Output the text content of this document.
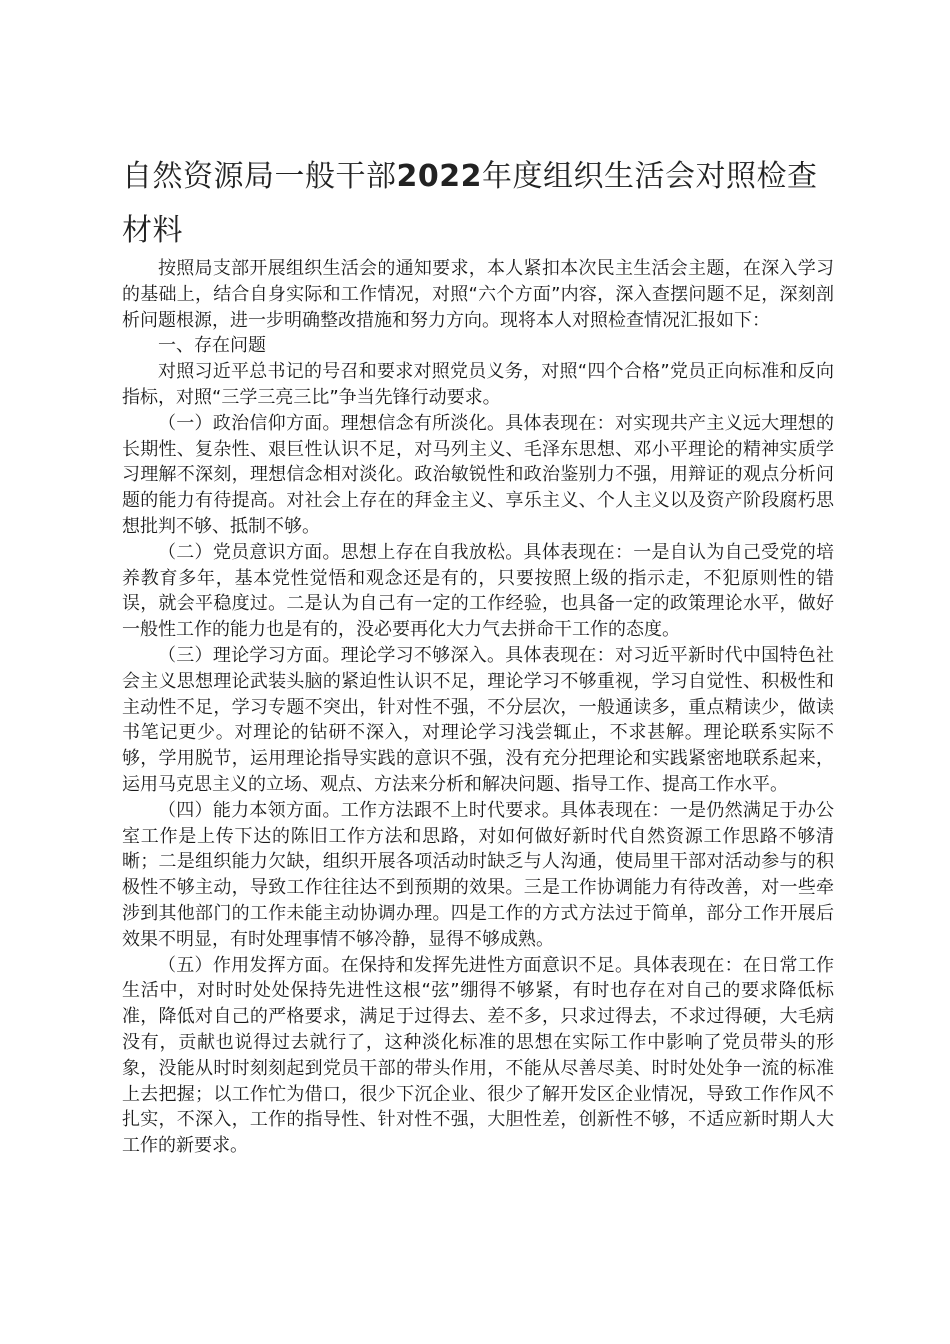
自然资源局一般干部2022年度组织生活会对照检查材料

按照局支部开展组织生活会的通知要求，本人紧扣本次民主生活会主题，在深入学习的基础上，结合自身实际和工作情况，对照“六个方面”内容，深入查摆问题不足，深刻剖析问题根源，进一步明确整改措施和努力方向。现将本人对照检查情况汇报如下：

一、存在问题

对照习近平总书记的号召和要求对照党员义务，对照“四个合格”党员正向标准和反向指标，对照“三学三亮三比”争当先锋行动要求。

（一）政治信仰方面。理想信念有所淡化。具体表现在：对实现共产主义远大理想的长期性、复杂性、艰巨性认识不足，对马列主义、毛泽东思想、邓小平理论的精神实质学习理解不深刻，理想信念相对淡化。政治敏锐性和政治鉴别力不强，用辩证的观点分析问题的能力有待提高。对社会上存在的拜金主义、享乐主义、个人主义以及资产阶段腐朽思想批判不够、抵制不够。

（二）党员意识方面。思想上存在自我放松。具体表现在：一是自认为自己受党的培养教育多年，基本党性觉悟和观念还是有的，只要按照上级的指示走，不犯原则性的错误，就会平稳度过。二是认为自己有一定的工作经验，也具备一定的政策理论水平，做好一般性工作的能力也是有的，没必要再化大力气去拼命干工作的态度。

（三）理论学习方面。理论学习不够深入。具体表现在：对习近平新时代中国特色社会主义思想理论武装头脑的紧迫性认识不足，理论学习不够重视，学习自觉性、积极性和主动性不足，学习专题不突出，针对性不强，不分层次，一般通读多，重点精读少，做读书笔记更少。对理论的钻研不深入，对理论学习浅尝辄止，不求甚解。理论联系实际不够，学用脱节，运用理论指导实践的意识不强，没有充分把理论和实践紧密地联系起来，运用马克思主义的立场、观点、方法来分析和解决问题、指导工作、提高工作水平。

（四）能力本领方面。工作方法跟不上时代要求。具体表现在：一是仍然满足于办公室工作是上传下达的陈旧工作方法和思路，对如何做好新时代自然资源工作思路不够清晰；二是组织能力欠缺，组织开展各项活动时缺乏与人沟通，使局里干部对活动参与的积极性不够主动，导致工作往往达不到预期的效果。三是工作协调能力有待改善，对一些牵涉到其他部门的工作未能主动协调办理。四是工作的方式方法过于简单，部分工作开展后效果不明显，有时处理事情不够冷静，显得不够成熟。

（五）作用发挥方面。在保持和发挥先进性方面意识不足。具体表现在：在日常工作生活中，对时时处处保持先进性这根“弦”绷得不够紧，有时也存在对自己的要求降低标准，降低对自己的严格要求，满足于过得去、差不多，只求过得去，不求过得硬，大毛病没有，贡献也说得过去就行了，这种淡化标准的思想在实际工作中影响了党员带头的形象，没能从时时刻刻起到党员干部的带头作用，不能从尽善尽美、时时处处争一流的标准上去把握；以工作忙为借口，很少下沉企业、很少了解开发区企业情况，导致工作作风不扎实，不深入，工作的指导性、针对性不强，大胆性差，创新性不够，不适应新时期人大工作的新要求。
